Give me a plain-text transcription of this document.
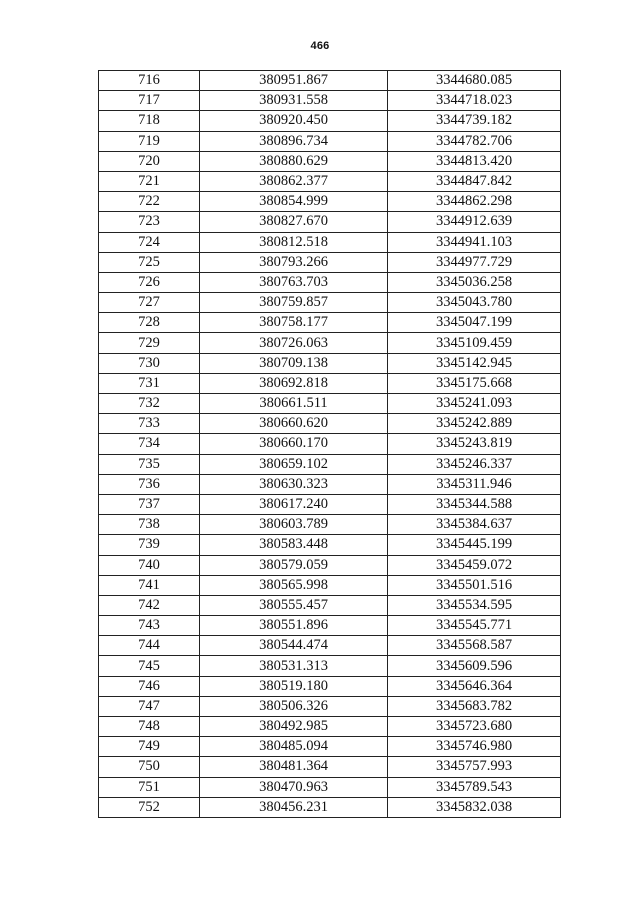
466
716	380951.867	3344680.085
717	380931.558	3344718.023
718	380920.450	3344739.182
719	380896.734	3344782.706
720	380880.629	3344813.420
721	380862.377	3344847.842
722	380854.999	3344862.298
723	380827.670	3344912.639
724	380812.518	3344941.103
725	380793.266	3344977.729
726	380763.703	3345036.258
727	380759.857	3345043.780
728	380758.177	3345047.199
729	380726.063	3345109.459
730	380709.138	3345142.945
731	380692.818	3345175.668
732	380661.511	3345241.093
733	380660.620	3345242.889
734	380660.170	3345243.819
735	380659.102	3345246.337
736	380630.323	3345311.946
737	380617.240	3345344.588
738	380603.789	3345384.637
739	380583.448	3345445.199
740	380579.059	3345459.072
741	380565.998	3345501.516
742	380555.457	3345534.595
743	380551.896	3345545.771
744	380544.474	3345568.587
745	380531.313	3345609.596
746	380519.180	3345646.364
747	380506.326	3345683.782
748	380492.985	3345723.680
749	380485.094	3345746.980
750	380481.364	3345757.993
751	380470.963	3345789.543
752	380456.231	3345832.038
